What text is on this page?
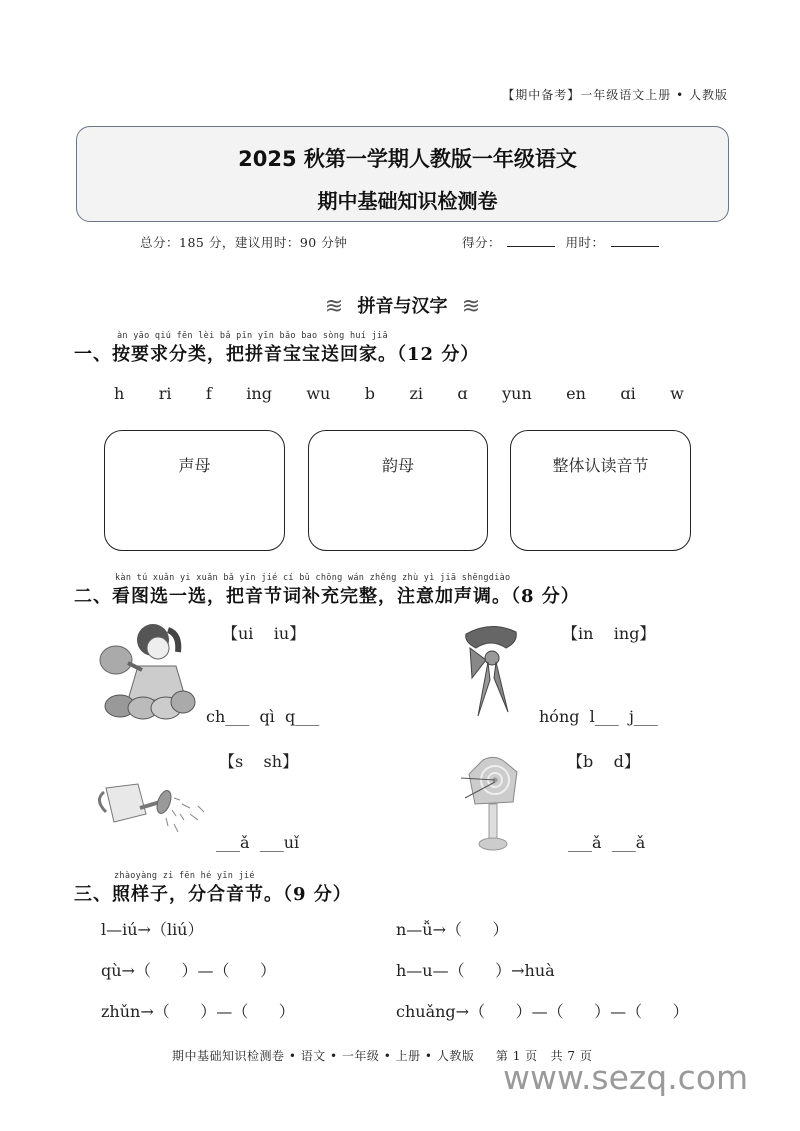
【期中备考】一年级语文上册 • 人教版
2025 秋第一学期人教版一年级语文
期中基础知识检测卷
总分：185 分，建议用时：90 分钟	得分：	用时：
≋ 拼音与汉字 ≋
àn yāo qiú fēn lèi bǎ pīn yīn bǎo bao sòng huí jiā
一、按要求分类，把拼音宝宝送回家。（12 分）
h ri f ing wu b zi ɑ yun en ɑi w
声母	韵母	整体认读音节
kàn tú xuǎn yi xuǎn bǎ yīn jié cí bǔ chōng wán zhěng zhù yì jiā shēngdiào
二、看图选一选，把音节词补充完整，注意加声调。（8 分）
【ui    iu】
ch___  qì  q___
【in    ing】
hóng  l___  j___
【s    sh】
___ǎ  ___uǐ
【b    d】
___ǎ  ___ǎ
zhàoyàng zi fēn hé yīn jié
三、照样子，分合音节。（9 分）
l—iú→（liú）
qù→（      ）—（      ）
zhǔn→（      ）—（      ）
n—ǚ→（      ）
h—u—（      ）→huà
chuǎng→（      ）—（      ）—（      ）
期中基础知识检测卷 • 语文 • 一年级 • 上册 • 人教版     第 1 页   共 7 页
www.sezq.com
